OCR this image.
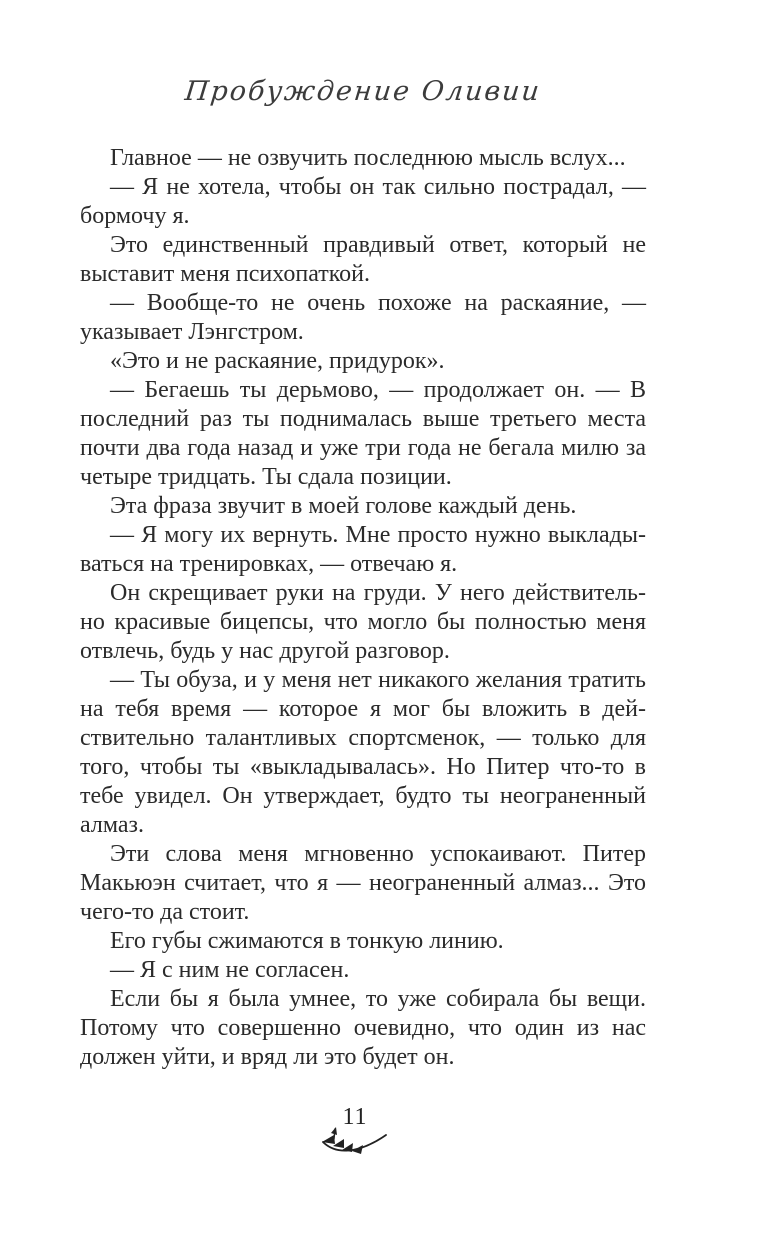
Пробуждение Оливии

Главное — не озвучить последнюю мысль вслух...

— Я не хотела, чтобы он так сильно пострадал, — бормочу я.

Это единственный правдивый ответ, который не выставит меня психопаткой.

— Вообще-то не очень похоже на раскаяние, — указывает Лэнгстром.

«Это и не раскаяние, придурок».

— Бегаешь ты дерьмово, — продолжает он. — В последний раз ты поднималась выше третьего места почти два года назад и уже три года не бегала милю за четыре тридцать. Ты сдала позиции.

Эта фраза звучит в моей голове каждый день.

— Я могу их вернуть. Мне просто нужно выкладываться на тренировках, — отвечаю я.

Он скрещивает руки на груди. У него действительно красивые бицепсы, что могло бы полностью меня отвлечь, будь у нас другой разговор.

— Ты обуза, и у меня нет никакого желания тратить на тебя время — которое я мог бы вложить в действительно талантливых спортсменок, — только для того, чтобы ты «выкладывалась». Но Питер что-то в тебе увидел. Он утверждает, будто ты неограненный алмаз.

Эти слова меня мгновенно успокаивают. Питер Макьюэн считает, что я — неограненный алмаз... Это чего-то да стоит.

Его губы сжимаются в тонкую линию.

— Я с ним не согласен.

Если бы я была умнее, то уже собирала бы вещи. Потому что совершенно очевидно, что один из нас должен уйти, и вряд ли это будет он.

11
